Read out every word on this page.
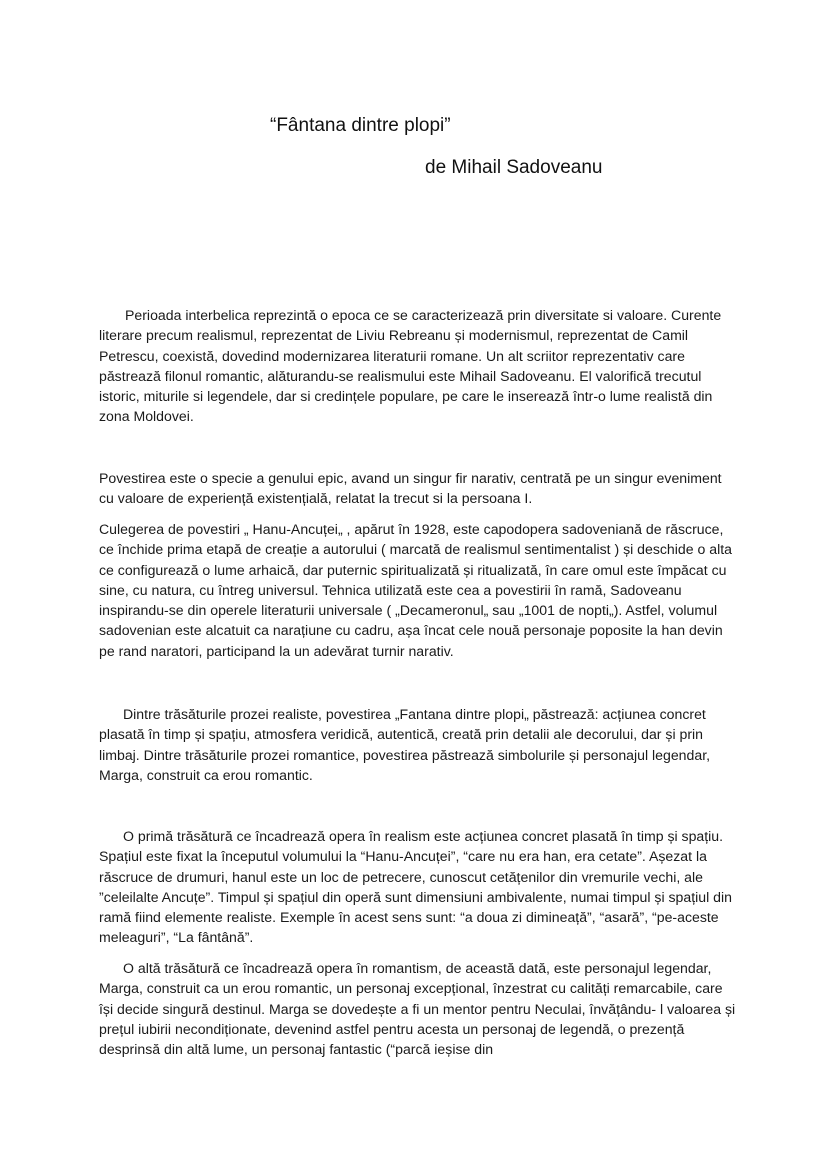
“Fântana dintre plopi”
de Mihail Sadoveanu

Perioada interbelica reprezintă o epoca ce se caracterizează prin diversitate si valoare. Curente literare precum realismul, reprezentat de Liviu Rebreanu și modernismul, reprezentat de Camil Petrescu, coexistă, dovedind modernizarea literaturii romane. Un alt scriitor reprezentativ care păstrează filonul romantic, alăturandu-se realismului este Mihail Sadoveanu. El valorifică trecutul istoric, miturile si legendele, dar si credințele populare, pe care le inserează într-o lume realistă din zona Moldovei.

Povestirea este o specie a genului epic, avand un singur fir narativ, centrată pe un singur eveniment cu valoare de experiență existențială, relatat la trecut si la persoana I.

Culegerea de povestiri „ Hanu-Ancuței„ , apărut în 1928, este capodopera sadoveniană de răscruce, ce închide prima etapă de creație a autorului ( marcată de realismul sentimentalist ) și deschide o alta ce configurează o lume arhaică, dar puternic spiritualizată și ritualizată, în care omul este împăcat cu sine, cu natura, cu întreg universul. Tehnica utilizată este cea a povestirii în ramă, Sadoveanu inspirandu-se din operele literaturii universale ( „Decameronul„ sau „1001 de nopti„). Astfel, volumul sadovenian este alcatuit ca narațiune cu cadru, așa încat cele nouă personaje poposite la han devin pe rand naratori, participand la un adevărat turnir narativ.

Dintre trăsăturile prozei realiste, povestirea „Fantana dintre plopi„ păstrează: acțiunea concret plasată în timp și spațiu, atmosfera veridică, autentică, creată prin detalii ale decorului, dar și prin limbaj. Dintre trăsăturile prozei romantice, povestirea păstrează simbolurile și personajul legendar, Marga, construit ca erou romantic.

O primă trăsătură ce încadrează opera în realism este acțiunea concret plasată în timp și spațiu. Spațiul este fixat la începutul volumului la “Hanu-Ancuței”, “care nu era han, era cetate”. Așezat la răscruce de drumuri, hanul este un loc de petrecere, cunoscut cetățenilor din vremurile vechi, ale ”celeilalte Ancuțe”. Timpul și spațiul din operă sunt dimensiuni ambivalente, numai timpul și spațiul din ramă fiind elemente realiste. Exemple în acest sens sunt: “a doua zi dimineață”, “asară”, “pe-aceste meleaguri”, “La fântână”.

O altă trăsătură ce încadrează opera în romantism, de această dată, este personajul legendar, Marga, construit ca un erou romantic, un personaj excepțional, înzestrat cu calități remarcabile, care își decide singură destinul. Marga se dovedește a fi un mentor pentru Neculai, învățându- l valoarea și prețul iubirii necondiționate, devenind astfel pentru acesta un personaj de legendă, o prezență desprinsă din altă lume, un personaj fantastic (“parcă ieșise din
